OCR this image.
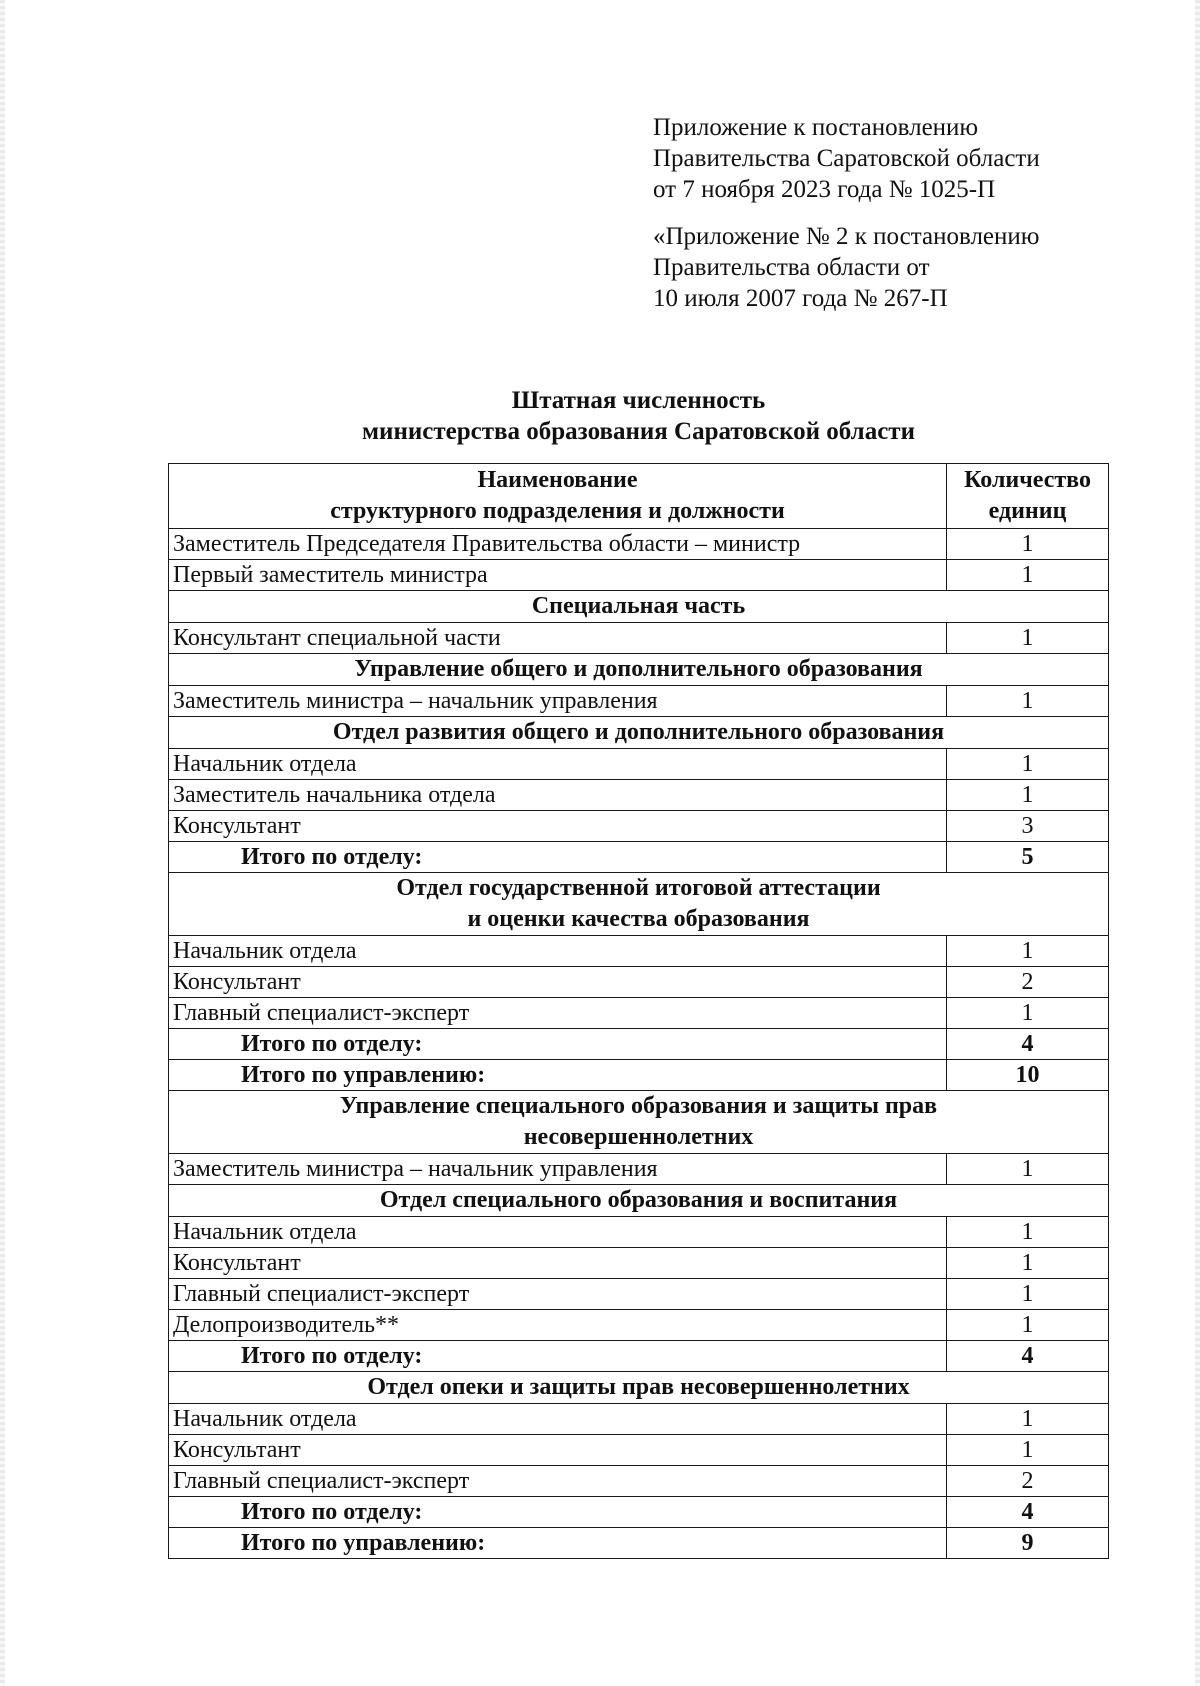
Приложение к постановлению
Правительства Саратовской области
от 7 ноября 2023 года № 1025-П
«Приложение № 2 к постановлению
Правительства области от
10 июля 2007 года № 267-П
Штатная численность
министерства образования Саратовской области
Наименование
структурного подразделения и должности	Количество
единиц
Заместитель Председателя Правительства области – министр	1
Первый заместитель министра	1
Специальная часть	
Консультант специальной части	1
Управление общего и дополнительного образования	
Заместитель министра – начальник управления	1
Отдел развития общего и дополнительного образования	
Начальник отдела	1
Заместитель начальника отдела	1
Консультант	3
Итого по отделу:	5
Отдел государственной итоговой аттестации
и оценки качества образования	
Начальник отдела	1
Консультант	2
Главный специалист-эксперт	1
Итого по отделу:	4
Итого по управлению:	10
Управление специального образования и защиты прав
несовершеннолетних	
Заместитель министра – начальник управления	1
Отдел специального образования и воспитания	
Начальник отдела	1
Консультант	1
Главный специалист-эксперт	1
Делопроизводитель**	1
Итого по отделу:	4
Отдел опеки и защиты прав несовершеннолетних	
Начальник отдела	1
Консультант	1
Главный специалист-эксперт	2
Итого по отделу:	4
Итого по управлению:	9
